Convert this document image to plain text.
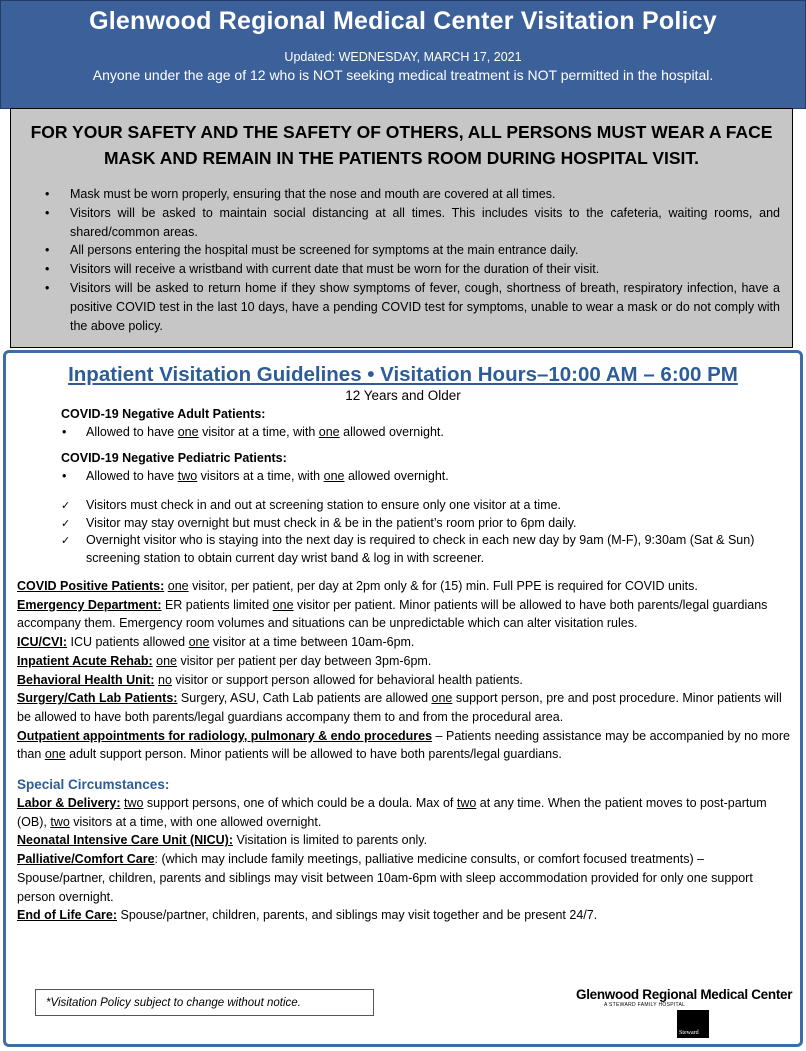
Glenwood Regional Medical Center Visitation Policy
Updated: WEDNESDAY, MARCH 17, 2021
Anyone under the age of 12 who is NOT seeking medical treatment is NOT permitted in the hospital.
FOR YOUR SAFETY AND THE SAFETY OF OTHERS, ALL PERSONS MUST WEAR A FACE MASK AND REMAIN IN THE PATIENTS ROOM DURING HOSPITAL VISIT.
• Mask must be worn properly, ensuring that the nose and mouth are covered at all times.
• Visitors will be asked to maintain social distancing at all times. This includes visits to the cafeteria, waiting rooms, and shared/common areas.
• All persons entering the hospital must be screened for symptoms at the main entrance daily.
• Visitors will receive a wristband with current date that must be worn for the duration of their visit.
• Visitors will be asked to return home if they show symptoms of fever, cough, shortness of breath, respiratory infection, have a positive COVID test in the last 10 days, have a pending COVID test for symptoms, unable to wear a mask or do not comply with the above policy.
Inpatient Visitation Guidelines • Visitation Hours–10:00 AM – 6:00 PM
12 Years and Older
COVID-19 Negative Adult Patients:
• Allowed to have one visitor at a time, with one allowed overnight.
COVID-19 Negative Pediatric Patients:
• Allowed to have two visitors at a time, with one allowed overnight.
✓ Visitors must check in and out at screening station to ensure only one visitor at a time.
✓ Visitor may stay overnight but must check in & be in the patient’s room prior to 6pm daily.
✓ Overnight visitor who is staying into the next day is required to check in each new day by 9am (M-F), 9:30am (Sat & Sun) screening station to obtain current day wrist band & log in with screener.
COVID Positive Patients: one visitor, per patient, per day at 2pm only & for (15) min. Full PPE is required for COVID units.
Emergency Department: ER patients limited one visitor per patient. Minor patients will be allowed to have both parents/legal guardians accompany them. Emergency room volumes and situations can be unpredictable which can alter visitation rules.
ICU/CVI: ICU patients allowed one visitor at a time between 10am-6pm.
Inpatient Acute Rehab: one visitor per patient per day between 3pm-6pm.
Behavioral Health Unit: no visitor or support person allowed for behavioral health patients.
Surgery/Cath Lab Patients: Surgery, ASU, Cath Lab patients are allowed one support person, pre and post procedure. Minor patients will be allowed to have both parents/legal guardians accompany them to and from the procedural area.
Outpatient appointments for radiology, pulmonary & endo procedures – Patients needing assistance may be accompanied by no more than one adult support person. Minor patients will be allowed to have both parents/legal guardians.
Special Circumstances:
Labor & Delivery: two support persons, one of which could be a doula. Max of two at any time. When the patient moves to post-partum (OB), two visitors at a time, with one allowed overnight.
Neonatal Intensive Care Unit (NICU): Visitation is limited to parents only.
Palliative/Comfort Care: (which may include family meetings, palliative medicine consults, or comfort focused treatments) – Spouse/partner, children, parents and siblings may visit between 10am-6pm with sleep accommodation provided for only one support person overnight.
End of Life Care: Spouse/partner, children, parents, and siblings may visit together and be present 24/7.
*Visitation Policy subject to change without notice.
Glenwood Regional Medical Center
A STEWARD FAMILY HOSPITAL
Steward
